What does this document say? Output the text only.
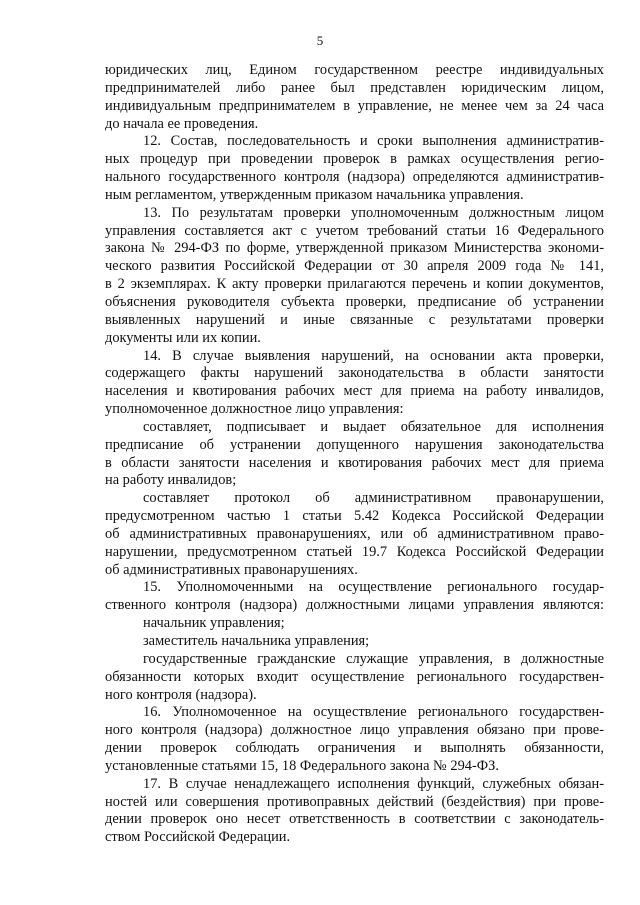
5
юридических лиц, Едином государственном реестре индивидуальных
предпринимателей либо ранее был представлен юридическим лицом,
индивидуальным предпринимателем в управление, не менее чем за 24 часа
до начала ее проведения.
12. Состав, последовательность и сроки выполнения административ-
ных процедур при проведении проверок в рамках осуществления регио-
нального государственного контроля (надзора) определяются административ-
ным регламентом, утвержденным приказом начальника управления.
13. По результатам проверки уполномоченным должностным лицом
управления составляется акт с учетом требований статьи 16 Федерального
закона № 294-ФЗ по форме, утвержденной приказом Министерства экономи-
ческого развития Российской Федерации от 30 апреля 2009 года № 141,
в 2 экземплярах. К акту проверки прилагаются перечень и копии документов,
объяснения руководителя субъекта проверки, предписание об устранении
выявленных нарушений и иные связанные с результатами проверки
документы или их копии.
14. В случае выявления нарушений, на основании акта проверки,
содержащего факты нарушений законодательства в области занятости
населения и квотирования рабочих мест для приема на работу инвалидов,
уполномоченное должностное лицо управления:
составляет, подписывает и выдает обязательное для исполнения
предписание об устранении допущенного нарушения законодательства
в области занятости населения и квотирования рабочих мест для приема
на работу инвалидов;
составляет протокол об административном правонарушении,
предусмотренном частью 1 статьи 5.42 Кодекса Российской Федерации
об административных правонарушениях, или об административном право-
нарушении, предусмотренном статьей 19.7 Кодекса Российской Федерации
об административных правонарушениях.
15. Уполномоченными на осуществление регионального государ-
ственного контроля (надзора) должностными лицами управления являются:
начальник управления;
заместитель начальника управления;
государственные гражданские служащие управления, в должностные
обязанности которых входит осуществление регионального государствен-
ного контроля (надзора).
16. Уполномоченное на осуществление регионального государствен-
ного контроля (надзора) должностное лицо управления обязано при прове-
дении проверок соблюдать ограничения и выполнять обязанности,
установленные статьями 15, 18 Федерального закона № 294-ФЗ.
17. В случае ненадлежащего исполнения функций, служебных обязан-
ностей или совершения противоправных действий (бездействия) при прове-
дении проверок оно несет ответственность в соответствии с законодатель-
ством Российской Федерации.
